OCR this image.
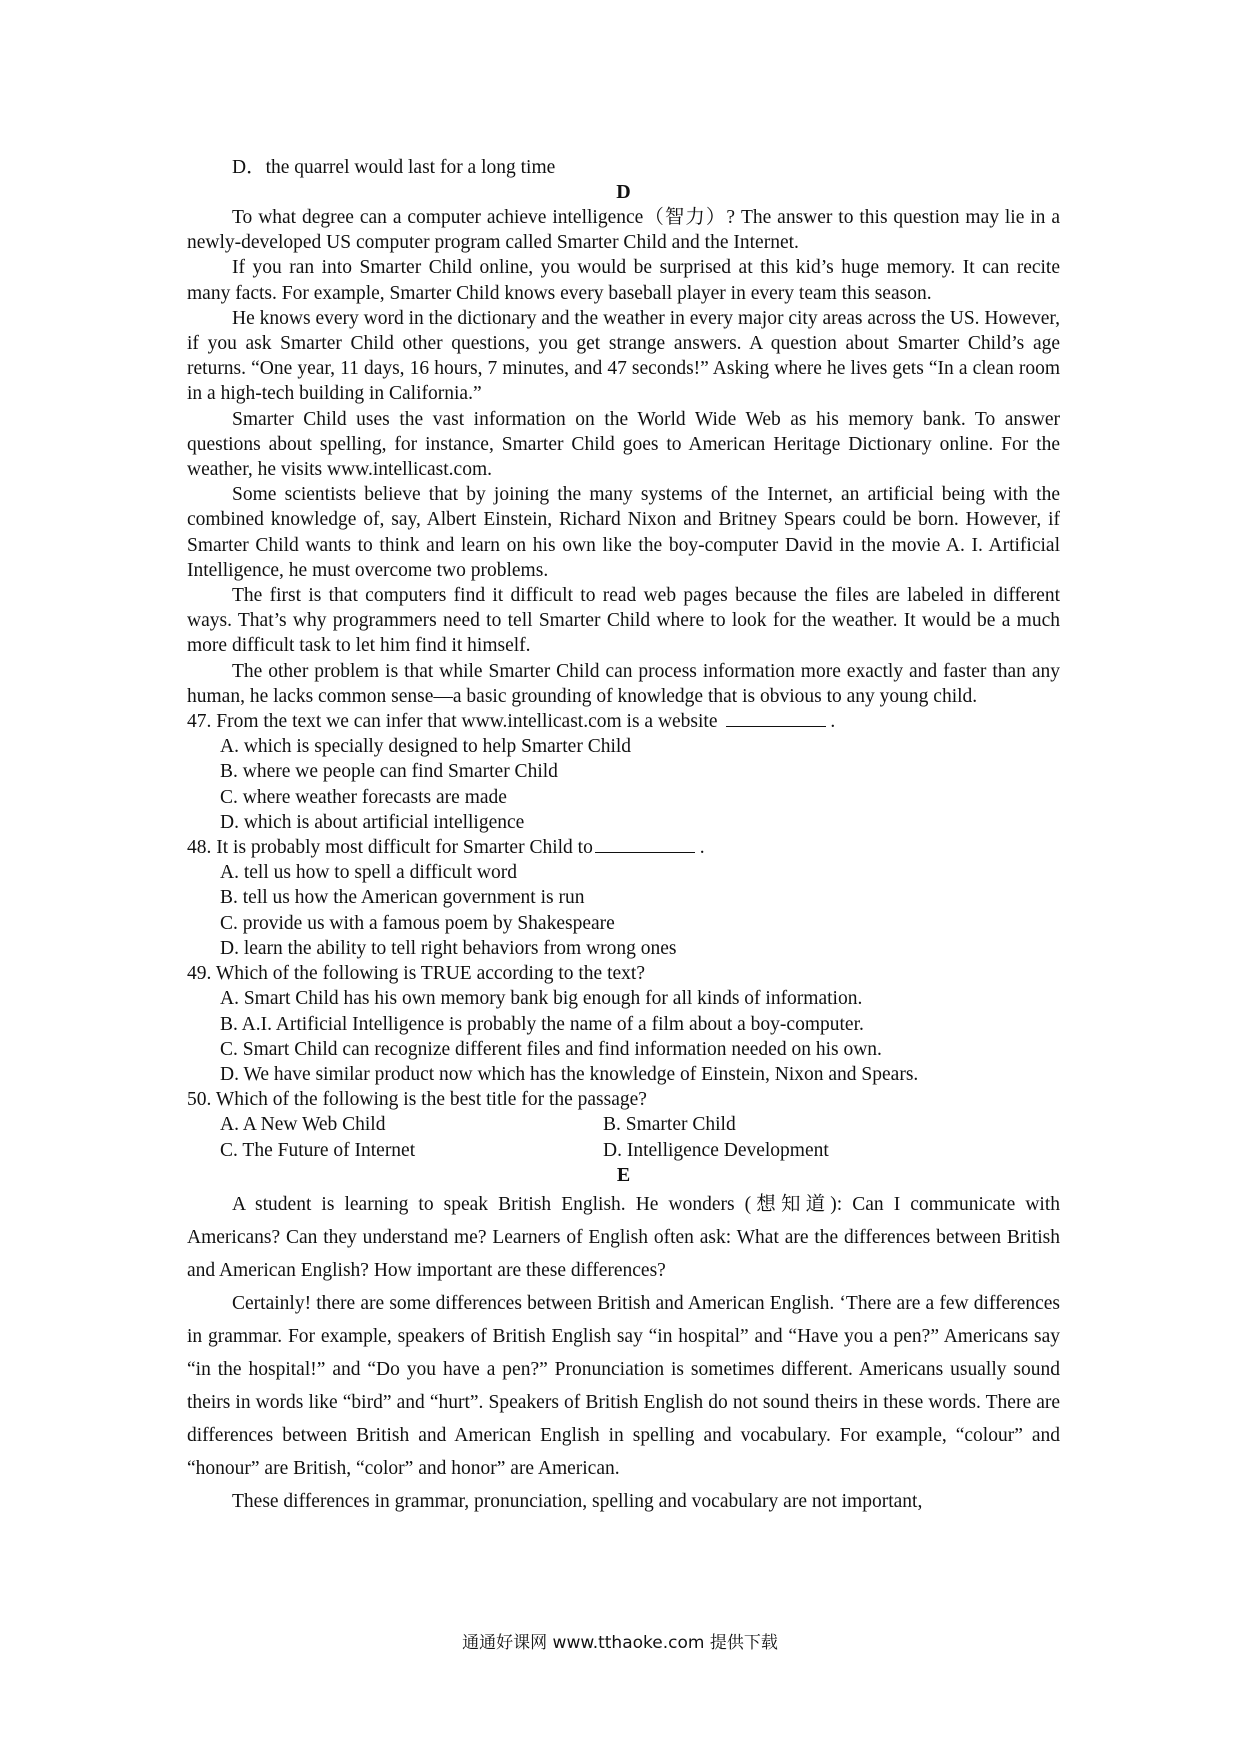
D．the quarrel would last for a long time

D

To what degree can a computer achieve intelligence（智力）? The answer to this question may lie in a newly-developed US computer program called Smarter Child and the Internet.

If you ran into Smarter Child online, you would be surprised at this kid’s huge memory. It can recite many facts. For example, Smarter Child knows every baseball player in every team this season.

He knows every word in the dictionary and the weather in every major city areas across the US. However, if you ask Smarter Child other questions, you get strange answers. A question about Smarter Child’s age returns. “One year, 11 days, 16 hours, 7 minutes, and 47 seconds!” Asking where he lives gets “In a clean room in a high-tech building in California.”

Smarter Child uses the vast information on the World Wide Web as his memory bank. To answer questions about spelling, for instance, Smarter Child goes to American Heritage Dictionary online. For the weather, he visits www.intellicast.com.

Some scientists believe that by joining the many systems of the Internet, an artificial being with the combined knowledge of, say, Albert Einstein, Richard Nixon and Britney Spears could be born. However, if Smarter Child wants to think and learn on his own like the boy-computer David in the movie A. I. Artificial Intelligence, he must overcome two problems.

The first is that computers find it difficult to read web pages because the files are labeled in different ways. That’s why programmers need to tell Smarter Child where to look for the weather. It would be a much more difficult task to let him find it himself.

The other problem is that while Smarter Child can process information more exactly and faster than any human, he lacks common sense—a basic grounding of knowledge that is obvious to any young child.

47. From the text we can infer that www.intellicast.com is a website	.

A. which is specially designed to help Smarter Child

B. where we people can find Smarter Child

C. where weather forecasts are made

D. which is about artificial intelligence

48. It is probably most difficult for Smarter Child to	.

A. tell us how to spell a difficult word

B. tell us how the American government is run

C. provide us with a famous poem by Shakespeare

D. learn the ability to tell right behaviors from wrong ones

49. Which of the following is TRUE according to the text?

A. Smart Child has his own memory bank big enough for all kinds of information.

B. A.I. Artificial Intelligence is probably the name of a film about a boy-computer.

C. Smart Child can recognize different files and find information needed on his own.

D. We have similar product now which has the knowledge of Einstein, Nixon and Spears.

50. Which of the following is the best title for the passage?

A. A New Web Child	B. Smarter Child
C. The Future of Internet	D. Intelligence Development

E

A student is learning to speak British English. He wonders (想知道): Can I communicate with Americans? Can they understand me? Learners of English often ask: What are the differences between British and American English? How important are these differences?

Certainly! there are some differences between British and American English. ‘There are a few differences in grammar. For example, speakers of British English say “in hospital” and “Have you a pen?” Americans say “in the hospital!” and “Do you have a pen?” Pronunciation is sometimes different. Americans usually sound theirs in words like “bird” and “hurt”. Speakers of British English do not sound theirs in these words. There are differences between British and American English in spelling and vocabulary. For example, “colour” and “honour” are British, “color” and honor” are American.

These differences in grammar, pronunciation, spelling and vocabulary are not important,

通通好课网 www.tthaoke.com 提供下载
